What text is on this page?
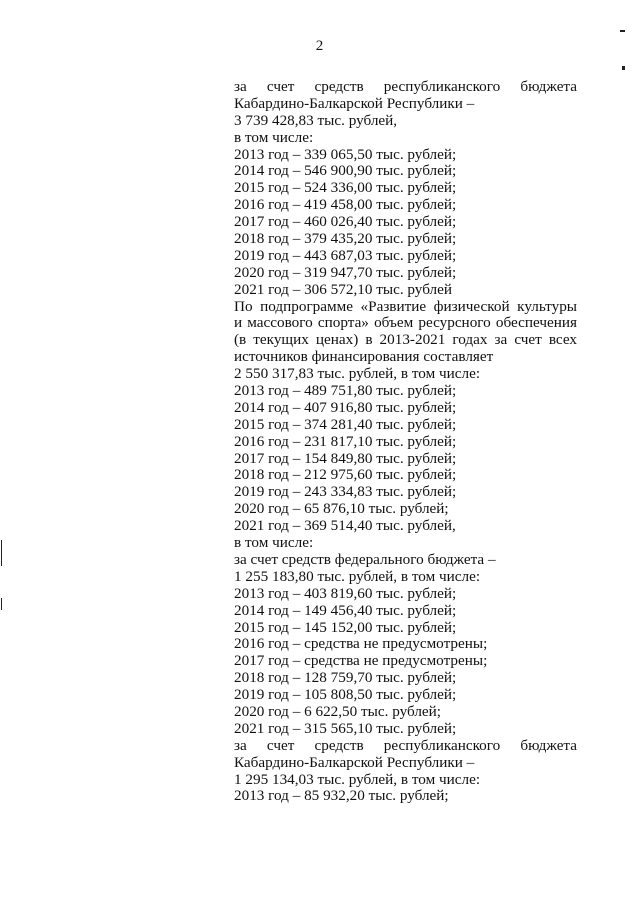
2
за счет средств республиканского бюджета
Кабардино-Балкарской Республики –
3 739 428,83 тыс. рублей,
в том числе:
2013 год – 339 065,50 тыс. рублей;
2014 год – 546 900,90 тыс. рублей;
2015 год – 524 336,00 тыс. рублей;
2016 год – 419 458,00 тыс. рублей;
2017 год – 460 026,40 тыс. рублей;
2018 год – 379 435,20 тыс. рублей;
2019 год – 443 687,03 тыс. рублей;
2020 год – 319 947,70 тыс. рублей;
2021 год – 306 572,10 тыс. рублей
По подпрограмме «Развитие физической культуры
и массового спорта» объем ресурсного обеспечения
(в текущих ценах) в 2013-2021 годах за счет всех
источников финансирования составляет
2 550 317,83 тыс. рублей, в том числе:
2013 год – 489 751,80 тыс. рублей;
2014 год – 407 916,80 тыс. рублей;
2015 год – 374 281,40 тыс. рублей;
2016 год – 231 817,10 тыс. рублей;
2017 год – 154 849,80 тыс. рублей;
2018 год – 212 975,60 тыс. рублей;
2019 год – 243 334,83 тыс. рублей;
2020 год – 65 876,10 тыс. рублей;
2021 год – 369 514,40 тыс. рублей,
в том числе:
за счет средств федерального бюджета –
1 255 183,80 тыс. рублей, в том числе:
2013 год – 403 819,60 тыс. рублей;
2014 год – 149 456,40 тыс. рублей;
2015 год – 145 152,00 тыс. рублей;
2016 год – средства не предусмотрены;
2017 год – средства не предусмотрены;
2018 год – 128 759,70 тыс. рублей;
2019 год – 105 808,50 тыс. рублей;
2020 год – 6 622,50 тыс. рублей;
2021 год – 315 565,10 тыс. рублей;
за счет средств республиканского бюджета
Кабардино-Балкарской Республики –
1 295 134,03 тыс. рублей, в том числе:
2013 год – 85 932,20 тыс. рублей;
